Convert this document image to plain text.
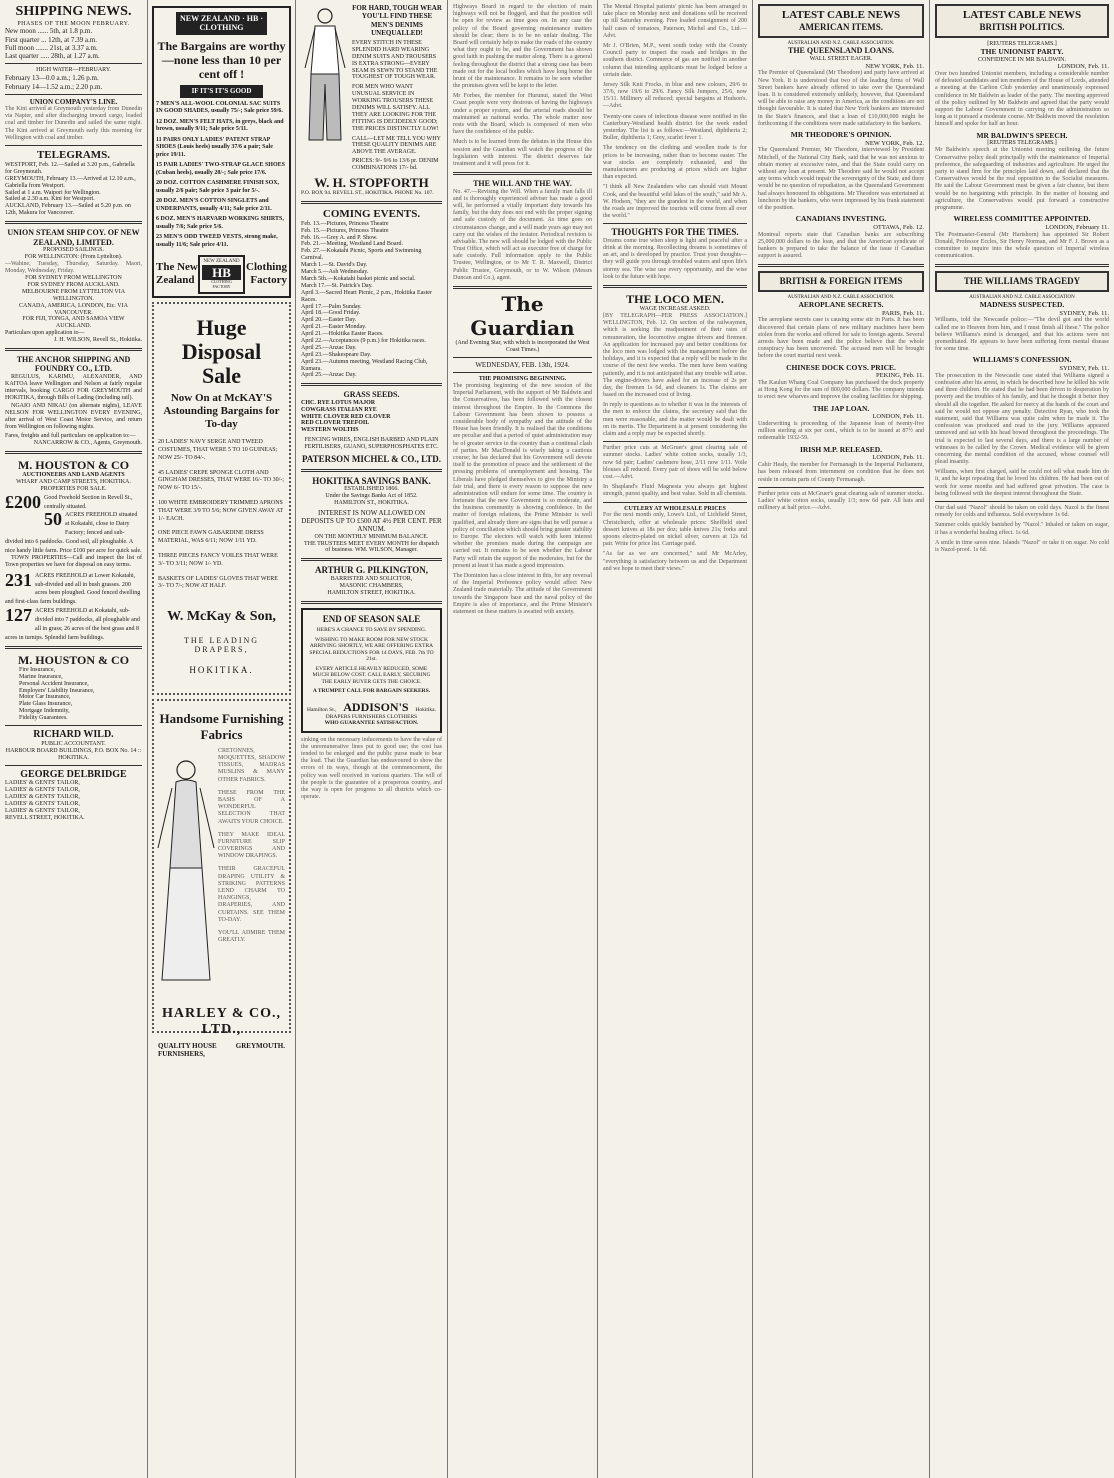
SHIPPING NEWS.
PHASES OF THE MOON FEBRUARY.
New moon ...... 5th, at 1.8 p.m.
First quarter ... 12th, at 7.39 a.m.
Full moon ....... 21st, at 3.37 a.m.
Last quarter ..... 28th, at 1.27 a.m.
HIGH WATER—FEBRUARY.
February 13—0.0 a.m.; 1.26 p.m.
February 14—1.52 a.m.; 2.20 p.m.
UNION COMPANY'S LINE.
The Kini arrived at Greymouth yesterday from Dunedin via Napier, and after discharging inward cargo, loaded coal and timber for Dunedin and sailed the same night. The Kini arrived at Greymouth early this morning for Wellington with coal and timber.
TELEGRAMS.
WESTPORT, Feb. 12.—Sailed at 3.20 p.m., Gabriella for Greymouth.
GREYMOUTH, February 13.—Arrived at 12.10 a.m., Gabriella from Westport.
Sailed at 1 a.m. Waipori for Wellington.
Sailed at 2.30 a.m. Kini for Westport.
AUCKLAND, February 13.—Sailed at 5.20 p.m. on 12th, Makura for Vancouver.
UNION STEAM SHIP COY. OF NEW ZEALAND, LIMITED.
PROPOSED SAILINGS.
FOR WELLINGTON: (From Lyttelton).
—Wahine, Tuesday, Thursday, Saturday. Maori, Monday, Wednesday, Friday.
FOR SYDNEY FROM WELLINGTON
FOR SYDNEY FROM AUCKLAND.
MELBOURNE FROM LYTTELTON VIA WELLINGTON.
CANADA, AMERICA, LONDON, Etc. VIA VANCOUVER.
FOR FIJI, TONGA, AND SAMOA VIEW AUCKLAND.
Particulars upon application to—
J. H. WILSON, Revell St., Hokitika.
THE ANCHOR SHIPPING AND FOUNDRY CO., LTD.
REGULUS, KARIMU, ALEXANDER, AND KAITOA leave Wellington and Nelson at fairly regular intervals, booking CARGO FOR GREYMOUTH and HOKITIKA, through Bills of Lading (including rail).
NGAIO AND NIKAU (on alternate nights), LEAVE NELSON FOR WELLINGTON EVERY EVENING, after arrival of West Coast Motor Service, and return from Wellington on following nights.
Fares, freights and full particulars on application to:—
NANCARROW & CO., Agents, Greymouth.
M. HOUSTON & CO
AUCTIONEERS AND LAND AGENTS
WHARF AND CAMP STREETS, HOKITIKA.
PROPERTIES FOR SALE.
£200 Good Freehold Section in Revell St., centrally situated.
50 ACRES FREEHOLD situated at Kokatahi, close to Dairy Factory; fenced and sub-divided into 6 paddocks. Good soil, all ploughable. A nice handy little farm. Price £100 per acre for quick sale.
TOWN PROPERTIES—Call and inspect the list of Town properties we have for disposal on easy terms.
231 ACRES FREEHOLD at Lower Kokatahi, sub-divided and all in bush grasses. 200 acres been ploughed. Good fenced dwelling and first-class farm buildings.
127 ACRES FREEHOLD at Kokatahi, sub-divided into 7 paddocks, all ploughable and all in grass; 26 acres of the best grass and 8 acres in turnips. Splendid farm buildings.
M. HOUSTON & CO
Fire Insurance,
Marine Insurance,
Personal Accident Insurance,
Employers' Liability Insurance,
Motor Car Insurance,
Plate Glass Insurance,
Mortgage Indemnity,
Fidelity Guarantees.
RICHARD WILD.
PUBLIC ACCOUNTANT.
HARBOUR BOARD BUILDINGS, P.O. BOX No. 14 :: HOKITIKA.
GEORGE DELBRIDGE
LADIES' & GENTS' TAILOR,
LADIES' & GENTS' TAILOR,
LADIES' & GENTS' TAILOR,
LADIES' & GENTS' TAILOR,
LADIES' & GENTS' TAILOR,
REVELL STREET, HOKITIKA.
NEW ZEALAND · HB · CLOTHING
The Bargains are worthy—none less than 10 per cent off !
IF IT'S IT'S GOOD
7 MEN'S ALL-WOOL COLONIAL SAC SUITS IN GOOD SHADES, usually 75/-; Sale price 59/6.
12 DOZ. MEN'S FELT HATS, in greys, black and brown, usually 9/11; Sale price 5/11.
11 PAIRS ONLY LADIES' PATENT STRAP SHOES (Louis heels) usually 37/6 a pair; Sale price 19/11.
15 PAIR LADIES' TWO-STRAP GLACE SHOES (Cuban heels), usually 28/-; Sale price 17/6.
20 DOZ. COTTON CASHMERE FINISH SOX, usually 2/6 pair; Sale price 3 pair for 5/-.
20 DOZ. MEN'S COTTON SINGLETS and UNDERPANTS, usually 4/11; Sale price 2/11.
6 DOZ. MEN'S HARVARD WORKING SHIRTS, usually 7/6; Sale price 5/6.
23 MEN'S ODD TWEED VESTS, strong make, usually 11/6; Sale price 4/11.
The New Zealand
NEW ZEALAND
HB
CLOTHING FACTORY
Clothing Factory
Huge Disposal
Sale
Now On at McKAY'S
Astounding Bargains for To-day
20 LADIES' NAVY SERGE AND TWEED COSTUMES, THAT WERE 5 TO 10 GUINEAS; NOW 25/- TO 84/-.
45 LADIES' CREPE SPONGE CLOTH AND GINGHAM DRESSES, THAT WERE 16/- TO 30/-; NOW 6/- TO 15/-.
100 WHITE EMBROIDERY TRIMMED APRONS THAT WERE 3/9 TO 5/6; NOW GIVEN AWAY AT 1/- EACH.
ONE PIECE FAWN GABARDINE DRESS MATERIAL, WAS 6/11; NOW 1/11 YD.
THREE PIECES FANCY VOILES THAT WERE 3/- TO 3/11; NOW 1/- YD.
BASKETS OF LADIES' GLOVES THAT WERE 3/- TO 7/-; NOW AT HALF.
W. McKay & Son,
THE LEADING DRAPERS,
HOKITIKA.
Handsome Furnishing Fabrics
CRETONNES, MOQUETTES, SHADOW TISSUES, MADRAS MUSLINS & MANY OTHER FABRICS.
THESE FROM THE BASIS OF A WONDERFUL SELECTION THAT AWAITS YOUR CHOICE.
THEY MAKE IDEAL FURNITURE SLIP COVERINGS AND WINDOW DRAPINGS.
THEIR GRACEFUL DRAPING UTILITY & STRIKING PATTERNS LEND CHARM TO HANGINGS, DRAPERIES, AND CURTAINS. SEE THEM TO-DAY.
YOU'LL ADMIRE THEM GREATLY.
HARLEY & CO., LTD.,
QUALITY HOUSE FURNISHERS,
GREYMOUTH.
FOR HARD, TOUGH WEAR YOU'LL FIND THESE MEN'S DENIMS UNEQUALLED!
EVERY STITCH IN THESE SPLENDID HARD WEARING DENIM SUITS AND TROUSERS IS EXTRA STRONG—EVERY SEAM IS SEWN TO STAND THE TOUGHEST OF TOUGH WEAR.
FOR MEN WHO WANT UNUSUAL SERVICE IN WORKING TROUSERS THESE DENIMS WILL SATISFY. ALL THEY ARE LOOKING FOR THE FITTING IS DECIDEDLY GOOD; THE PRICES DISTINCTLY LOW!
CALL—LET ME TELL YOU WHY THESE QUALITY DENIMS ARE ABOVE THE AVERAGE.
PRICES: 9/- 9/6 to 13/6 pr. DENIM COMBINATIONS 17/- bd.
W. H. STOPFORTH
P.O. BOX 94. REVELL ST., HOKITIKA. PHONE No. 107.
COMING EVENTS.
Feb. 13.—Pictures, Princess Theatre
Feb. 15.—Pictures, Princess Theatre
Feb. 16.—Grey A. and P. Show.
Feb. 21.—Meeting, Westland Land Board.
Feb. 27.—Kokatahi Picnic, Sports and Swimming Carnival.
March 1.—St. David's Day.
March 5.—Ash Wednesday.
March 5th.—Kokatahi basket picnic and social.
March 17.—St. Patrick's Day.
April 3.—Sacred Heart Picnic, 2 p.m., Hokitika Easter Races.
April 17.—Palm Sunday.
April 18.—Good Friday.
April 20.—Easter Day.
April 21.—Easter Monday.
April 21.—Hokitika Easter Races.
April 22.—Acceptances (9 p.m.) for Hokitika races.
April 25.—Anzac Day.
April 23.—Shakespeare Day.
April 23.—Autumn meeting, Westland Racing Club, Kumara.
April 25.—Anzac Day.
GRASS SEEDS.
CHC. RYE LOTUS MAJOR
COWGRASS ITALIAN RYE
WHITE CLOVER RED CLOVER
RED CLOVER TREFOIL
WESTERN WOLTHS
FENCING WIRES, ENGLISH BARBED AND PLAIN FERTILISERS, GUANO, SUPERPHOSPHATES ETC.
PATERSON MICHEL & CO., LTD.
HOKITIKA SAVINGS BANK.
ESTABLISHED 1866.
Under the Savings Banks Act of 1852.
HAMILTON ST., HOKITIKA.
INTEREST IS NOW ALLOWED ON DEPOSITS UP TO £500 AT 4½ PER CENT. PER ANNUM.
ON THE MONTHLY MINIMUM BALANCE.
THE TRUSTEES MEET EVERY MONTH for dispatch of business. WM. WILSON, Manager.
ARTHUR G. PILKINGTON,
BARRISTER AND SOLICITOR,
MASONIC CHAMBERS,
HAMILTON STREET, HOKITIKA.
END OF SEASON SALE
HERE'S A CHANCE TO SAVE BY SPENDING.
WISHING TO MAKE ROOM FOR NEW STOCK ARRIVING SHORTLY, WE ARE OFFERING EXTRA SPECIAL REDUCTIONS FOR 14 DAYS, FEB. 7th TO 21st.
EVERY ARTICLE HEAVILY REDUCED, SOME MUCH BELOW COST. CALL EARLY, SECURING THE EARLY BUYER GETS THE CHOICE.
A TRUMPET CALL FOR BARGAIN SEEKERS.
Hamilton St., ADDISON'S Hokitika.
DRAPERS FURNISHERS CLOTHIERS
WHO GUARANTEE SATISFACTION.
sinking on the necessary inducements to have the value of the unremunerative lines put to good use; the cost has tended to be enlarged and the public purse made to bear the load. That the Guardian has endeavoured to show the errors of its ways, though at the commencement, the policy was well received in various quarters. The will of the people is the guarantee of a prosperous country, and the way is open for progress to all districts which co-operate.
Highways Board in regard to the election of main highways will not be flogged, and that the position will be open for review as time goes on. In any case the policy of the Board governing maintenance matters should be clear; there is to be no unfair dealing. The Board will certainly help to make the roads of the country what they ought to be, and the Government has shown good faith in pushing the matter along. There is a general feeling throughout the district that a strong case has been made out for the local bodies which have long borne the brunt of the maintenance. It remains to be seen whether the promises given will be kept to the letter.
Mr Forbes, the member for Hurunui, stated the West Coast people were very desirous of having the highways under a proper system, and the arterial roads should be maintained as national works. The whole matter now rests with the Board, which is composed of men who have the confidence of the public.
Much is to be learned from the debates in the House this session and the Guardian will watch the progress of the legislation with interest. The district deserves fair treatment and it will press for it.
THE WILL AND THE WAY.
No. 47.—Revising the Will. When a family man falls ill and is thoroughly experienced adviser has made a good will, he performed a vitally important duty towards his family, but the duty does not end with the proper signing and safe custody of the document. As time goes on circumstances change, and a will made years ago may not carry out the wishes of the testator. Periodical revision is advisable. The new will should be lodged with the Public Trust Office, which will act as executor free of charge for safe custody. Full information apply to the Public Trustee, Wellington, or to Mr T. R. Maxwell, District Public Trustee, Greymouth, or to W. Wilson (Messrs Duncan and Co.), agent.
The Guardian
(And Evening Star, with which is incorporated the West Coast Times.)
WEDNESDAY, FEB. 13th, 1924.
THE PROMISING BEGINNING.
The promising beginning of the new session of the Imperial Parliament, with the support of Mr Baldwin and the Conservatives, has been followed with the closest interest throughout the Empire. In the Commons the Labour Government has been shown to possess a considerable body of sympathy and the attitude of the House has been friendly. It is realised that the conditions are peculiar and that a period of quiet administration may be of greater service to the country than a continual clash of parties. Mr MacDonald is wisely taking a cautious course; he has declared that his Government will devote itself to the promotion of peace and the settlement of the pressing problems of unemployment and housing. The Liberals have pledged themselves to give the Ministry a fair trial, and there is every reason to suppose the new administration will endure for some time. The country is fortunate that the new Government is so moderate, and the business community is showing confidence. In the matter of foreign relations, the Prime Minister is well qualified, and already there are signs that he will pursue a policy of conciliation which should bring greater stability to Europe. The electors will watch with keen interest whether the promises made during the campaign are carried out. It remains to be seen whether the Labour Party will retain the support of the moderates, but for the present at least it has made a good impression.
The Dominion has a close interest in this, for any reversal of the Imperial Preference policy would affect New Zealand trade materially. The attitude of the Government towards the Singapore base and the naval policy of the Empire is also of importance, and the Prime Minister's statement on these matters is awaited with anxiety.
The Mental Hospital patients' picnic has been arranged to take place on Monday next and donations will be received up till Saturday evening. Free loaded consignment of 200 half cases of tomatoes, Paterson, Michel and Co., Ltd.—Advt.
Mr J. O'Brien, M.P., went south today with the County Council party to inspect the roads and bridges in the southern district. Commerce of gas are notified in another column that intending applicants must be lodged before a certain date.
Jersey Silk Knit Frocks, in blue and new colours, 29/6 to 37/6, now 19/6 to 29/6. Fancy Silk Jumpers, 25/6, now 15/11. Millinery all reduced; special bargains at Hudson's.—Advt.
Twenty-one cases of infectious disease were notified in the Canterbury-Westland health district for the week ended yesterday. The list is as follows:—Westland, diphtheria 2; Buller, diphtheria 1; Grey, scarlet fever 1.
The tendency on the clothing and woollen trade is for prices to be increasing, rather than to become easier. The war stocks are completely exhausted, and the manufacturers are producing at prices which are higher than expected.
"I think all New Zealanders who can should visit Mount Cook, and the beautiful wild lakes of the south," said Mr A. W. Hodson, "they are the grandest in the world, and when the roads are improved the tourists will come from all over the world."
THOUGHTS FOR THE TIMES.
Dreams come true when sleep is light and peaceful after a drink at the morning. Recollecting dreams is sometimes of an art, and is developed by practice. Trust your thoughts—they will guide you through troubled waters and upon life's stormy sea. The wise use every opportunity, and the wise look to the future with hope.
THE LOCO MEN.
WAGE INCREASE ASKED.
[BY TELEGRAPH—PER PRESS ASSOCIATION.] WELLINGTON, Feb. 12. On section of the railwaymen, which is seeking the readjustment of their rates of remuneration, the locomotive engine drivers and firemen. An application for increased pay and better conditions for the loco men was lodged with the management before the holidays, and it is expected that a reply will be made in the course of the next few weeks. The men have been waiting patiently, and it is not anticipated that any trouble will arise. The engine-drivers have asked for an increase of 2s per day, the firemen 1s 6d, and cleaners 1s. The claims are based on the increased cost of living.
In reply to questions as to whether it was in the interests of the men to enforce the claims, the secretary said that the men were reasonable, and the matter would be dealt with on its merits. The Department is at present considering the claim and a reply may be expected shortly.
Further price cuts at McGruer's great clearing sale of summer stocks. Ladies' white cotton socks, usually 1/3, now 6d pair; Ladies' cashmere hose, 2/11 now 1/11. Voile blouses all reduced. Every pair of shoes will be sold below cost.—Advt.
In Shapland's Fluid Magnesia you always get highest strength, purest quality, and best value. Sold in all chemists.
CUTLERY AT WHOLESALE PRICES
For the next month only, Lowe's Ltd., of Lichfield Street, Christchurch, offer at wholesale prices: Sheffield steel dessert knives at 18s per doz; table knives 21s; forks and spoons electro-plated on nickel silver, carvers at 12s 6d pair. Write for price list. Carriage paid.
"As far as we are concerned," said Mr McArley, "everything is satisfactory between us and the Department and we hope to meet their views."
LATEST CABLE NEWS
AMERICAN ITEMS.
AUSTRALIAN AND N.Z. CABLE ASSOCIATION.
THE QUEENSLAND LOANS.
WALL STREET EAGER.
NEW YORK, Feb. 11.
The Premier of Queensland (Mr Theodore) and party have arrived at New York. It is understood that two of the leading firms of Wall Street bankers have already offered to take over the Queensland loan. It is considered extremely unlikely, however, that Queensland will be able to raise any money in America, as the conditions are not thought favourable. It is stated that New York bankers are interested in the State's finances, and that a loan of £10,000,000 might be forthcoming if the conditions were made satisfactory to the bankers.
MR THEODORE'S OPINION.
NEW YORK, Feb. 12.
The Queensland Premier, Mr Theodore, interviewed by President Mitchell, of the National City Bank, said that he was not anxious to obtain money at excessive rates, and that the State could carry on without any loan at present. Mr Theodore said he would not accept any terms which would impair the sovereignty of the State, and there would be no question of repudiation, as the Queensland Government had always honoured its obligations. Mr Theodore was entertained at luncheon by the bankers, who were impressed by his frank statement of the position.
CANADIANS INVESTING.
OTTAWA, Feb. 12.
Montreal reports state that Canadian banks are subscribing 25,000,000 dollars to the loan, and that the American syndicate of bankers is prepared to take the balance of the issue if Canadian support is assured.
BRITISH & FOREIGN ITEMS
AUSTRALIAN AND N.Z. CABLE ASSOCIATION.
AEROPLANE SECRETS.
PARIS, Feb. 11.
The aeroplane secrets case is causing some stir in Paris. It has been discovered that certain plans of new military machines have been stolen from the works and offered for sale to foreign agents. Several arrests have been made and the police believe that the whole conspiracy has been uncovered. The accused men will be brought before the court martial next week.
CHINESE DOCK COYS. PRICE.
PEKING, Feb. 11.
The Kaulun Whang Coal Company has purchased the dock property at Hong Kong for the sum of 800,000 dollars. The company intends to erect new wharves and improve the coaling facilities for shipping.
THE JAP LOAN.
LONDON, Feb. 11.
Underwriting is proceeding of the Japanese loan of twenty-five million sterling at six per cent., which is to be issued at 87½ and redeemable 1932-59.
IRISH M.P. RELEASED.
LONDON, Feb. 11.
Cahir Healy, the member for Fermanagh in the Imperial Parliament, has been released from internment on condition that he does not reside in certain parts of County Fermanagh.
Further price cuts at McGruer's great clearing sale of summer stocks. Ladies' white cotton socks, usually 1/3; now 6d pair. All hats and millinery at half price.—Advt.
LATEST CABLE NEWS
BRITISH POLITICS.
[REUTERS TELEGRAMS.]
THE UNIONIST PARTY.
CONFIDENCE IN MR BALDWIN.
LONDON, Feb. 11.
Over two hundred Unionist members, including a considerable number of defeated candidates and ten members of the House of Lords, attended a meeting at the Carlton Club yesterday and unanimously expressed confidence in Mr Baldwin as leader of the party. The meeting approved of the policy outlined by Mr Baldwin and agreed that the party would support the Labour Government in carrying on the administration so long as it pursued a moderate course. Mr Baldwin moved the resolution himself and spoke for half an hour.
MR BALDWIN'S SPEECH.
[REUTERS TELEGRAMS.]
Mr Baldwin's speech at the Unionist meeting outlining the future Conservative policy dealt principally with the maintenance of Imperial preference, the safeguarding of industries and agriculture. He urged the party to stand firm for the principles laid down, and declared that the Conservatives would be the real opposition to the Socialist measures. He said the Labour Government must be given a fair chance, but there would be no bargaining with principle. In the matter of housing and agriculture, the Conservatives would put forward a constructive programme.
WIRELESS COMMITTEE APPOINTED.
LONDON, February 11.
The Postmaster-General (Mr Hartshorn) has appointed Sir Robert Donald, Professor Eccles, Sir Henry Norman, and Mr F. J. Brown as a committee to inquire into the whole question of Imperial wireless communication.
THE WILLIAMS TRAGEDY
AUSTRALIAN AND N.Z. CABLE ASSOCIATION
MADNESS SUSPECTED.
SYDNEY, Feb. 11.
Williams, told the Newcastle police:—"The devil got and the world called me to Heaven from him, and I must finish all these." The police believe Williams's mind is deranged, and that his actions were not premeditated. He appears to have been suffering from mental disease for some time.
WILLIAMS'S CONFESSION.
SYDNEY, Feb. 11.
The prosecution in the Newcastle case stated that Williams signed a confession after his arrest, in which he described how he killed his wife and three children. He stated that he had been driven to desperation by poverty and the troubles of his family, and that he thought it better they should all die together. He asked for mercy at the hands of the court and said he would not oppose any penalty. Detective Ryan, who took the statement, said that Williams was quite calm when he made it. The confession was produced and read to the jury. Williams appeared unmoved and sat with his head bowed throughout the proceedings. The trial is expected to last several days, and there is a large number of witnesses to be called by the Crown. Medical evidence will be given concerning the mental condition of the accused, whose counsel will plead insanity.
Williams, when first charged, said he could not tell what made him do it, and he kept repeating that he loved his children. He had been out of work for some months and had suffered great privation. The case is being followed with the deepest interest throughout the State.
Our dad said "Nazol" should be taken on cold days. Nazol is the finest remedy for colds and influenza. Sold everywhere 1s 6d.
Summer colds quickly banished by "Nazol." Inhaled or taken on sugar, it has a wonderful healing effect. 1s 6d.
A smile in time saves nine. Islands "Nazol" or take it on sugar. No cold is Nazol-proof. 1s 6d.
